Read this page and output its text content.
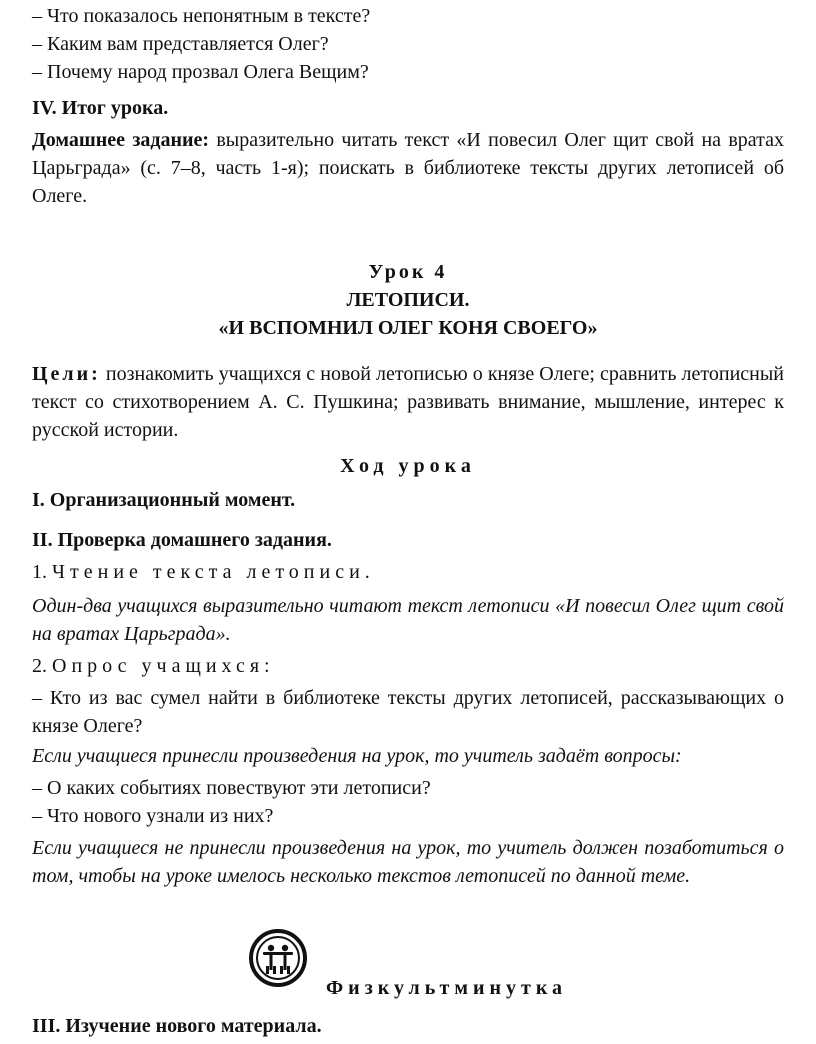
– Что показалось непонятным в тексте?

– Каким вам представляется Олег?

– Почему народ прозвал Олега Вещим?

IV. Итог урока.

Домашнее задание: выразительно читать текст «И повесил Олег щит свой на вратах Царьграда» (с. 7–8, часть 1-я); поискать в библиотеке тексты других летописей об Олеге.

Урок 4

ЛЕТОПИСИ.

«И ВСПОМНИЛ ОЛЕГ КОНЯ СВОЕГО»

Цели: познакомить учащихся с новой летописью о князе Олеге; сравнить летописный текст со стихотворением А. С. Пушкина; развивать внимание, мышление, интерес к русской истории.

Ход урока

I. Организационный момент.

II. Проверка домашнего задания.

1. Чтение текста летописи.

Один-два учащихся выразительно читают текст летописи «И повесил Олег щит свой на вратах Царьграда».

2. Опрос учащихся:

– Кто из вас сумел найти в библиотеке тексты других летописей, рассказывающих о князе Олеге?

Если учащиеся принесли произведения на урок, то учитель задаёт вопросы:

– О каких событиях повествуют эти летописи?

– Что нового узнали из них?

Если учащиеся не принесли произведения на урок, то учитель должен позаботиться о том, чтобы на уроке имелось несколько текстов летописей по данной теме.

Физкультминутка

III. Изучение нового материала.
